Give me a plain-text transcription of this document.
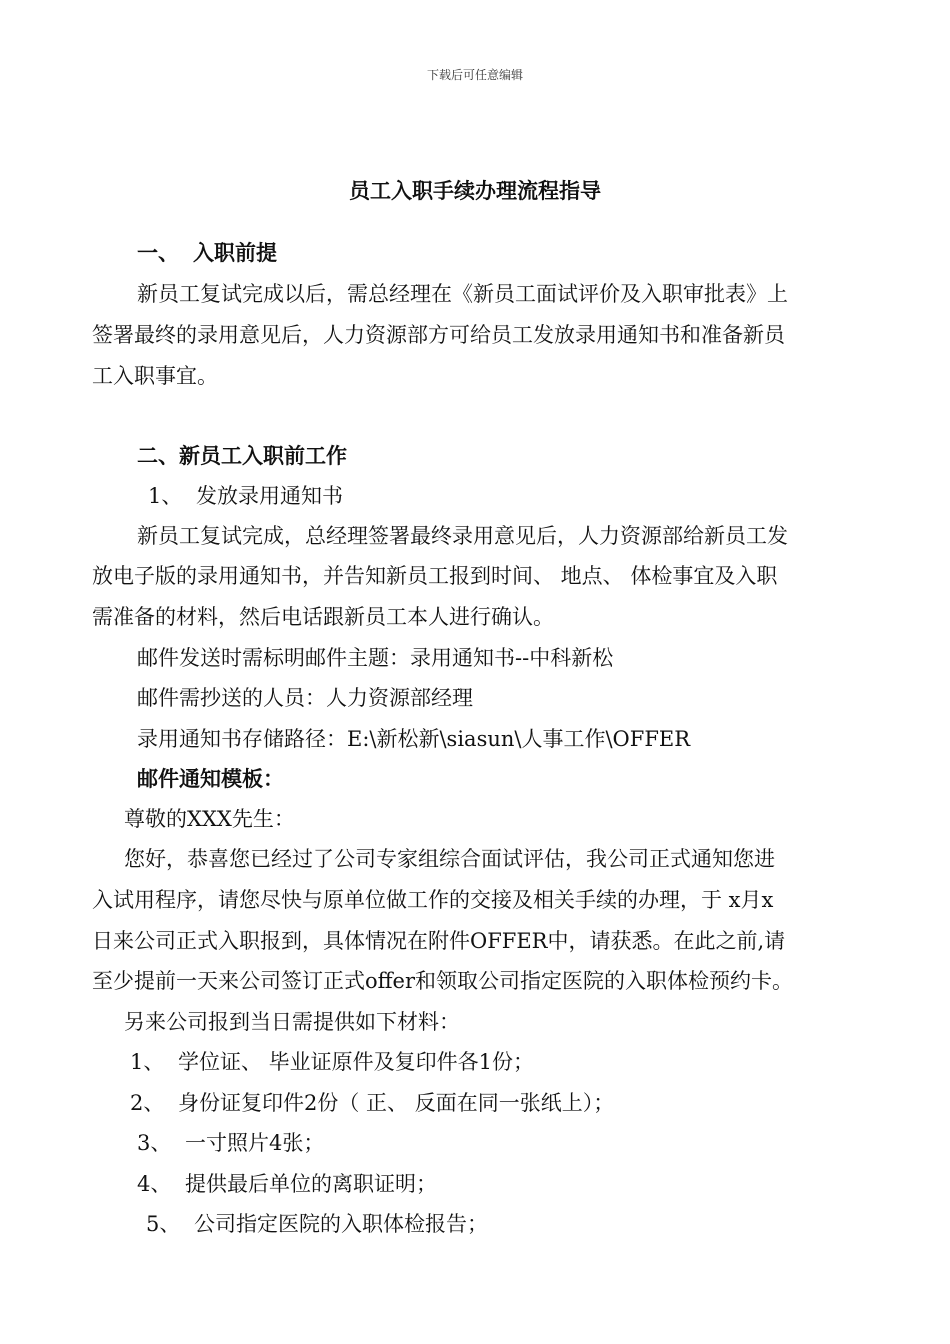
下载后可任意编辑
员工入职手续办理流程指导
一、 入职前提
新员工复试完成以后，需总经理在《新员工面试评价及入职审批表》上
签署最终的录用意见后，人力资源部方可给员工发放录用通知书和准备新员
工入职事宜。
二、新员工入职前工作
1、 发放录用通知书
新员工复试完成，总经理签署最终录用意见后，人力资源部给新员工发
放电子版的录用通知书，并告知新员工报到时间、 地点、 体检事宜及入职
需准备的材料，然后电话跟新员工本人进行确认。
邮件发送时需标明邮件主题：录用通知书--中科新松
邮件需抄送的人员：人力资源部经理
录用通知书存储路径：E:\新松新\siasun\人事工作\OFFER
邮件通知模板：
尊敬的XXX先生：
您好，恭喜您已经过了公司专家组综合面试评估，我公司正式通知您进
入试用程序，请您尽快与原单位做工作的交接及相关手续的办理，于 x月x
日来公司正式入职报到，具体情况在附件OFFER中，请获悉。在此之前,请
至少提前一天来公司签订正式offer和领取公司指定医院的入职体检预约卡。
另来公司报到当日需提供如下材料：
1、 学位证、 毕业证原件及复印件各1份；
2、 身份证复印件2份（ 正、 反面在同一张纸上）；
3、 一寸照片4张；
4、 提供最后单位的离职证明；
5、 公司指定医院的入职体检报告；
